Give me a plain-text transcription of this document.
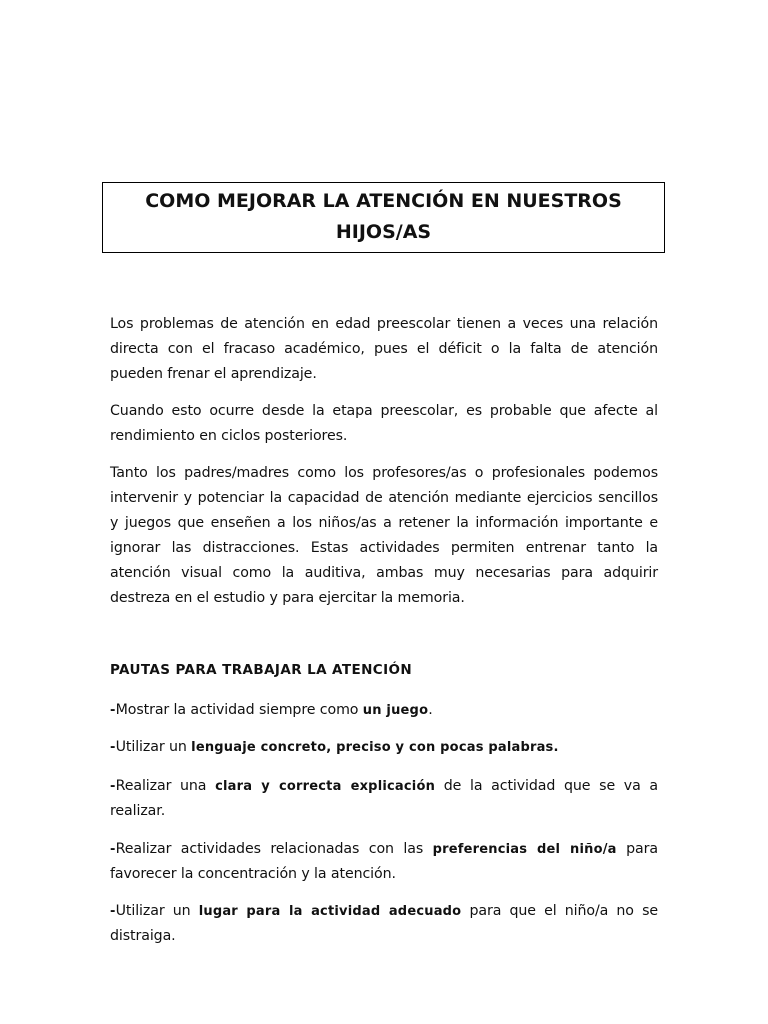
COMO MEJORAR LA ATENCIÓN EN NUESTROS HIJOS/AS
Los problemas de atención en edad preescolar tienen a veces una relación directa con el fracaso académico, pues el déficit o la falta de atención pueden frenar el aprendizaje.
Cuando esto ocurre desde la etapa preescolar, es probable que afecte al rendimiento en ciclos posteriores.
Tanto los padres/madres como los profesores/as o profesionales podemos intervenir y potenciar la capacidad de atención mediante ejercicios sencillos y juegos que enseñen a los niños/as a retener la información importante e ignorar las distracciones. Estas actividades permiten entrenar tanto la atención visual como la auditiva, ambas muy necesarias para adquirir destreza en el estudio y para ejercitar la memoria.
PAUTAS PARA TRABAJAR LA ATENCIÓN
-Mostrar la actividad siempre como un juego.
-Utilizar un lenguaje concreto, preciso y con pocas palabras.
-Realizar una clara y correcta explicación de la actividad que se va a realizar.
-Realizar actividades relacionadas con las preferencias del niño/a para favorecer la concentración y la atención.
-Utilizar un lugar para la actividad adecuado para que el niño/a no se distraiga.
